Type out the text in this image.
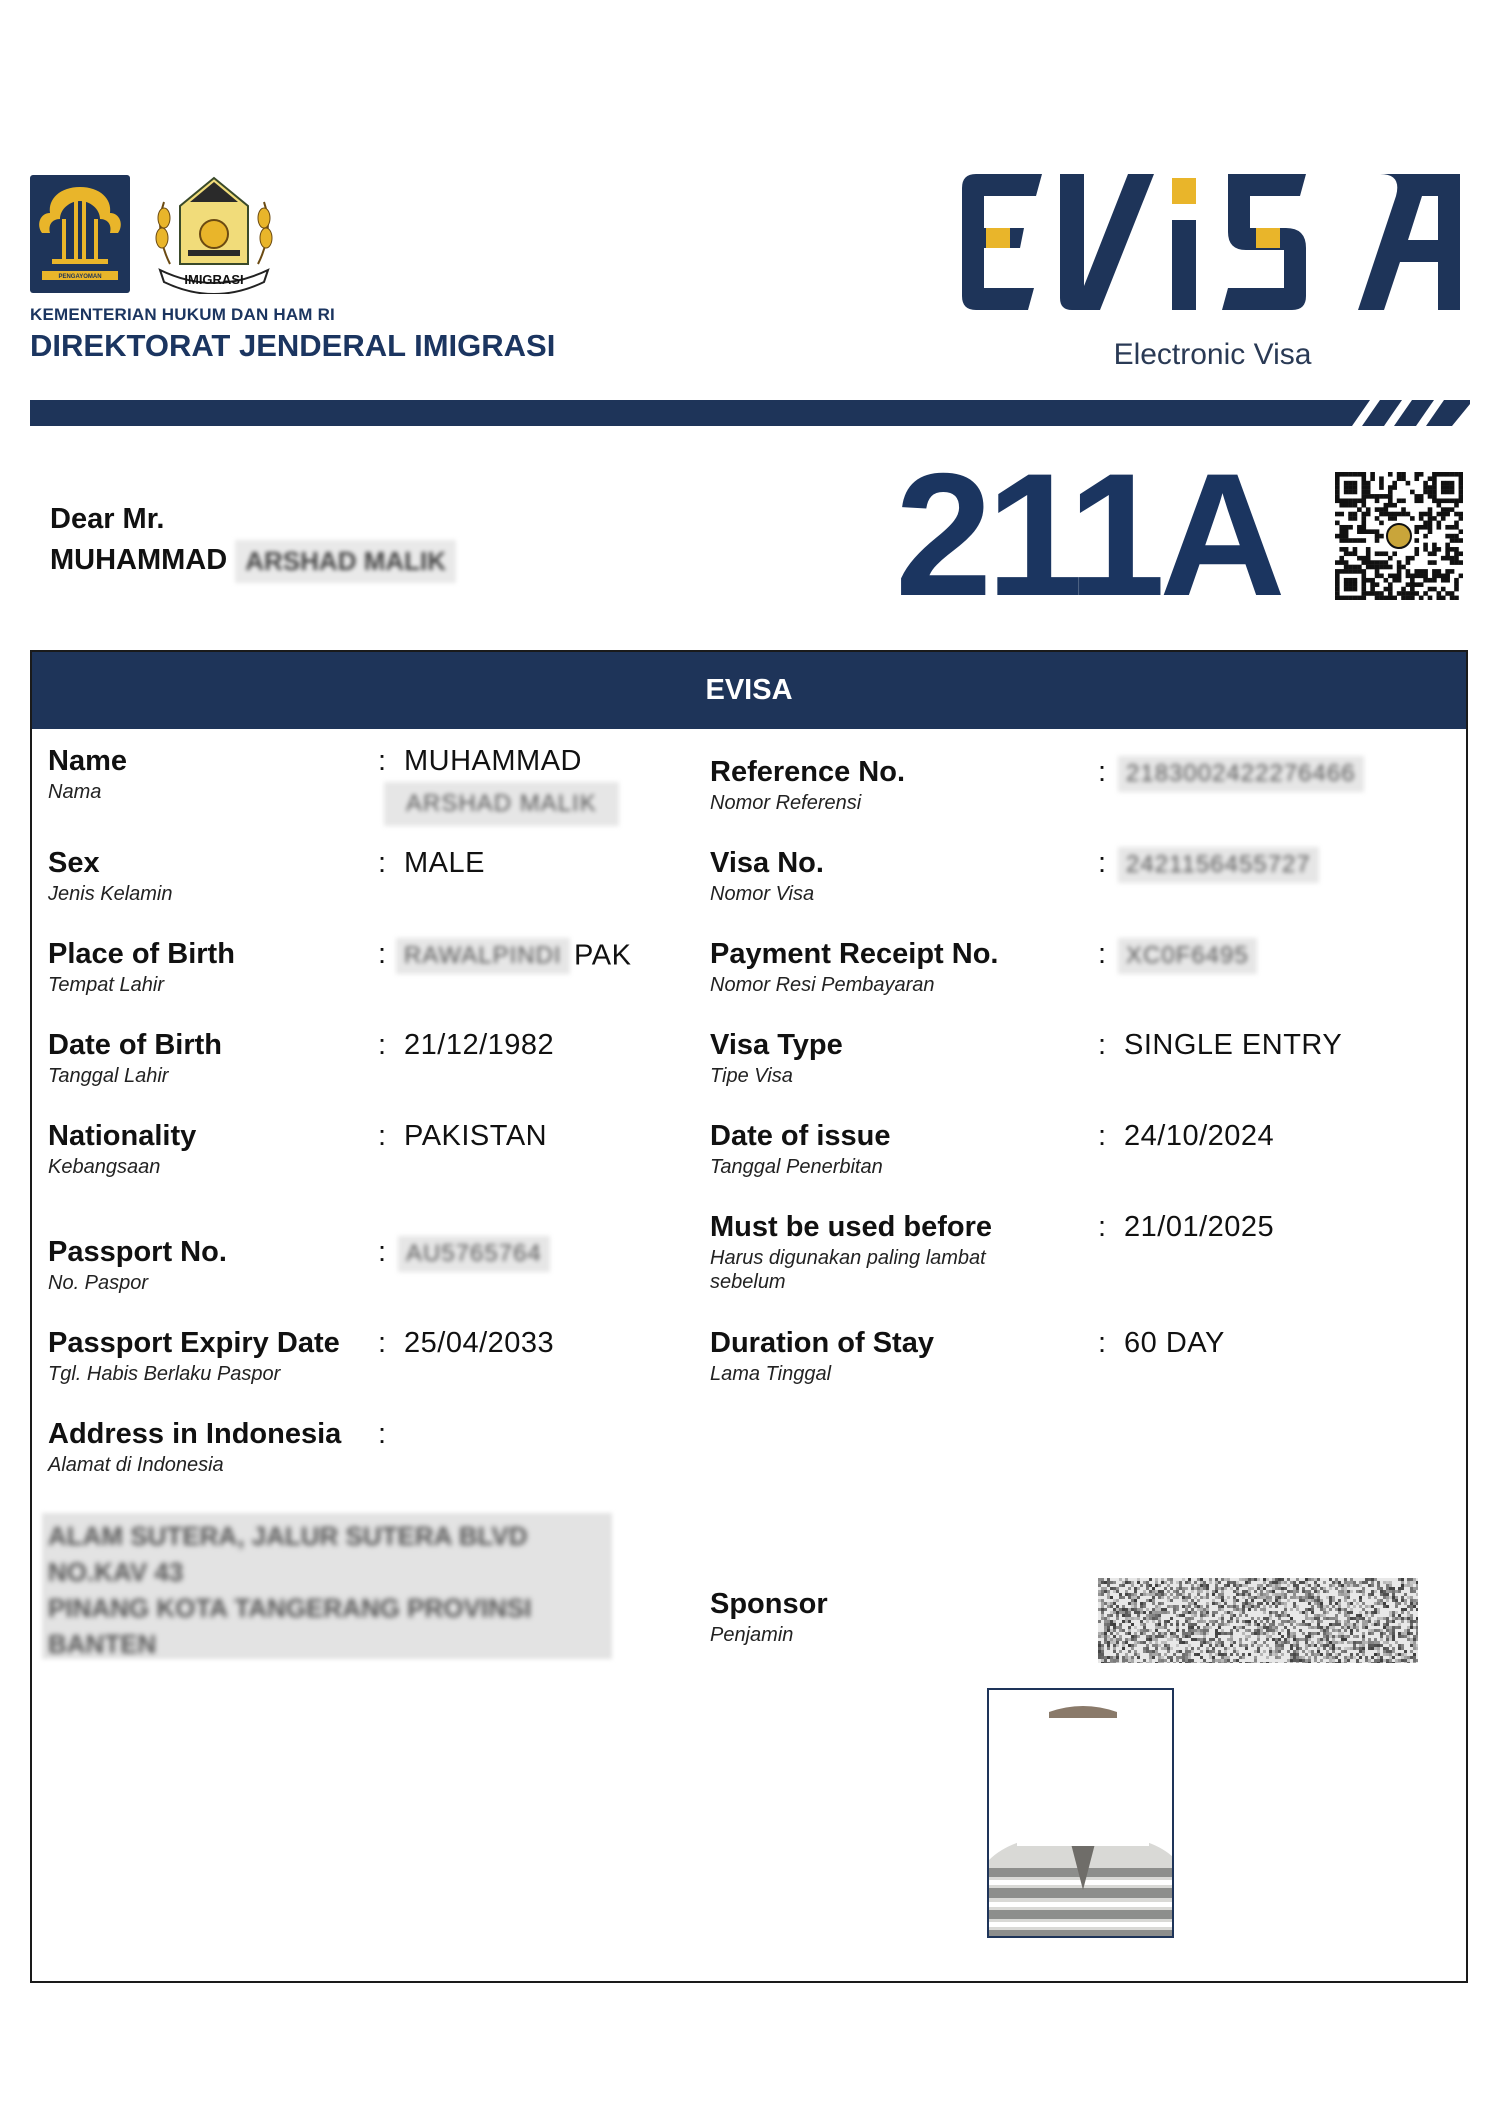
PENGAYOMAN	IMIGRASI
KEMENTERIAN HUKUM DAN HAM RI
DIREKTORAT JENDERAL IMIGRASI	Electronic Visa
Dear Mr.
MUHAMMAD ARSHAD MALIK	211A
EVISA
Name
Nama
: MUHAMMAD
ARSHAD MALIK
Sex
Jenis Kelamin
: MALE
Place of Birth
Tempat Lahir
: RAWALPINDI PAK
Date of Birth
Tanggal Lahir
: 21/12/1982
Nationality
Kebangsaan
: PAKISTAN
Passport No.
No. Paspor
: AU5765764
Passport Expiry Date
Tgl. Habis Berlaku Paspor
: 25/04/2033
Address in Indonesia
Alamat di Indonesia
:
ALAM SUTERA, JALUR SUTERA BLVD
NO.KAV 43
PINANG KOTA TANGERANG PROVINSI
BANTEN
Reference No.
Nomor Referensi
: 2183002422276466
Visa No.
Nomor Visa
: 2421156455727
Payment Receipt No.
Nomor Resi Pembayaran
: XC0F6495
Visa Type
Tipe Visa
: SINGLE ENTRY
Date of issue
Tanggal Penerbitan
: 24/10/2024
Must be used before
Harus digunakan paling lambat sebelum
: 21/01/2025
Duration of Stay
Lama Tinggal
: 60 DAY
Sponsor
Penjamin
